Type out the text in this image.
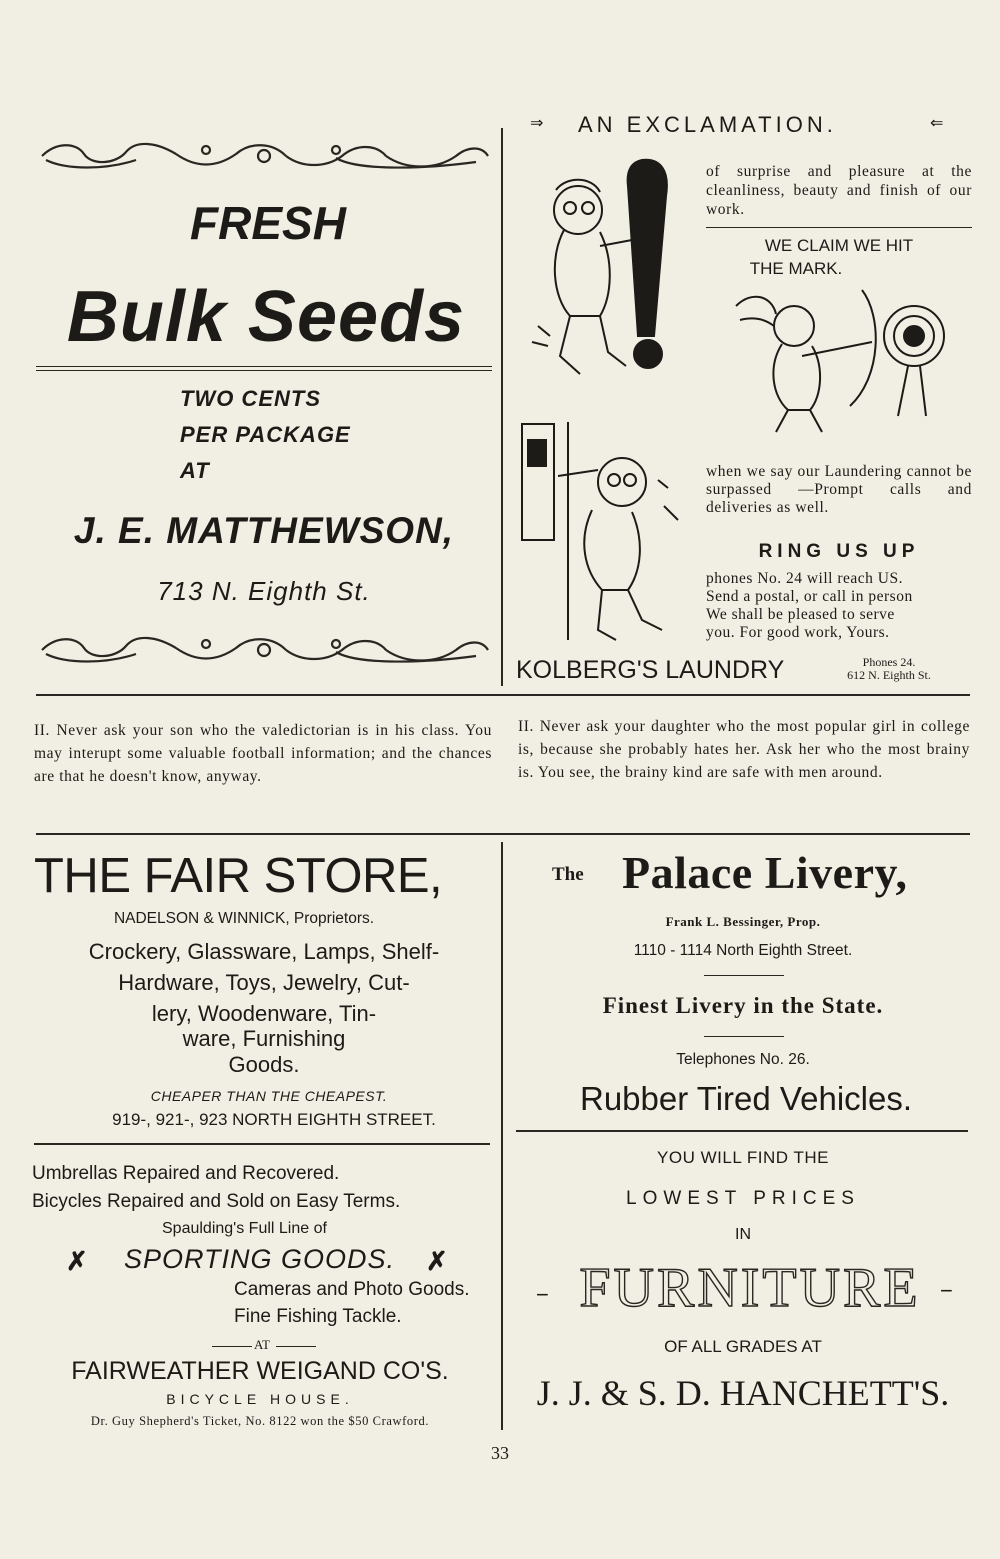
FRESH
Bulk Seeds
TWO CENTS
PER PACKAGE
AT
J. E. MATTHEWSON,
713 N. Eighth St.
⇒ AN EXCLAMATION.	⇐
of surprise and pleasure at the cleanliness, beauty and finish of our work.
WE CLAIM WE HIT
THE MARK.
when we say our Laundering cannot be surpassed —Prompt calls and deliveries as well.
RING US UP
phones No. 24 will reach US.
Send a postal, or call in person
We shall be pleased to serve
you. For good work, Yours.
KOLBERG'S LAUNDRY	Phones 24.
612 N. Eighth St.
II. Never ask your son who the valedictorian is in his class. You may interupt some valuable football information; and the chances are that he doesn't know, anyway.
II. Never ask your daughter who the most popular girl in college is, because she probably hates her. Ask her who the most brainy is. You see, the brainy kind are safe with men around.
THE FAIR STORE,
NADELSON & WINNICK, Proprietors.
Crockery, Glassware, Lamps, Shelf-
Hardware, Toys, Jewelry, Cut-
lery, Woodenware, Tin-
ware, Furnishing
Goods.
CHEAPER THAN THE CHEAPEST.
919-, 921-, 923 NORTH EIGHTH STREET.
The Palace Livery,
Frank L. Bessinger, Prop.
1110 - 1114 North Eighth Street.
Finest Livery in the State.
Telephones No. 26.
Rubber Tired Vehicles.
Umbrellas Repaired and Recovered.
Bicycles Repaired and Sold on Easy Terms.
Spaulding's Full Line of
✗ SPORTING GOODS. ✗
Cameras and Photo Goods.
Fine Fishing Tackle.
AT
FAIRWEATHER WEIGAND CO'S.
BICYCLE HOUSE.
Dr. Guy Shepherd's Ticket, No. 8122 won the $50 Crawford.
YOU WILL FIND THE
LOWEST PRICES
IN
− FURNITURE −
OF ALL GRADES AT
J. J. & S. D. HANCHETT'S.
33
